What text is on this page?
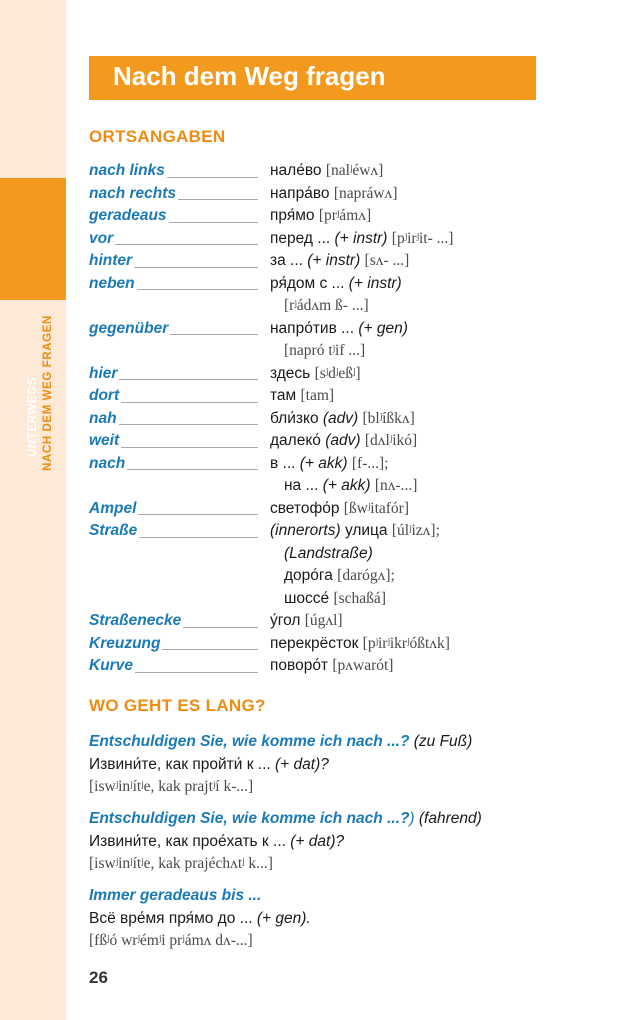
UNTERWEGS NACH DEM WEG FRAGEN
Nach dem Weg fragen
ORTSANGABEN
nach links	нале́во [nalʲéwʌ]
nach rechts	напра́во [napráwʌ]
geradeaus	пря́мо [prʲámʌ]
vor	перед ... (+ instr) [pʲirʲit- ...]
hinter	за ... (+ instr) [sʌ- ...]
neben	ря́дом с ... (+ instr)
[rʲádʌm ß- ...]
gegenüber	напро́тив ... (+ gen)
[napró tʲif ...]
hier	здесь [sʲdʲeßʲ]
dort	там [tam]
nah	бли́зко (adv) [blʲíßkʌ]
weit	далеко́ (adv) [dʌlʲikó]
nach	в ... (+ akk) [f-...];
на ... (+ akk) [nʌ-...]
Ampel	светофо́р [ßwʲitafór]
Straße	(innerorts) улица [úlʲizʌ];
(Landstraße)
доро́га [darógʌ];
шоссе́ [schaßá]
Straßenecke	у́гол [úgʌl]
Kreuzung	перекрёсток [pʲirʲikrʲóßtʌk]
Kurve	поворо́т [pʌwarót]
WO GEHT ES LANG?
Entschuldigen Sie, wie komme ich nach ...? (zu Fuß)
Извини́те, как пройти́ к ... (+ dat)?
[iswʲinʲítʲe, kak prajtʲí k-...]
Entschuldigen Sie, wie komme ich nach ...?) (fahrend)
Извини́те, как прое́хать к ... (+ dat)?
[iswʲinʲítʲe, kak prajéchʌtʲ k...]
Immer geradeaus bis ...
Всё вре́мя пря́мо до ... (+ gen).
[fßʲó wrʲémʲi prʲámʌ dʌ-...]
26
